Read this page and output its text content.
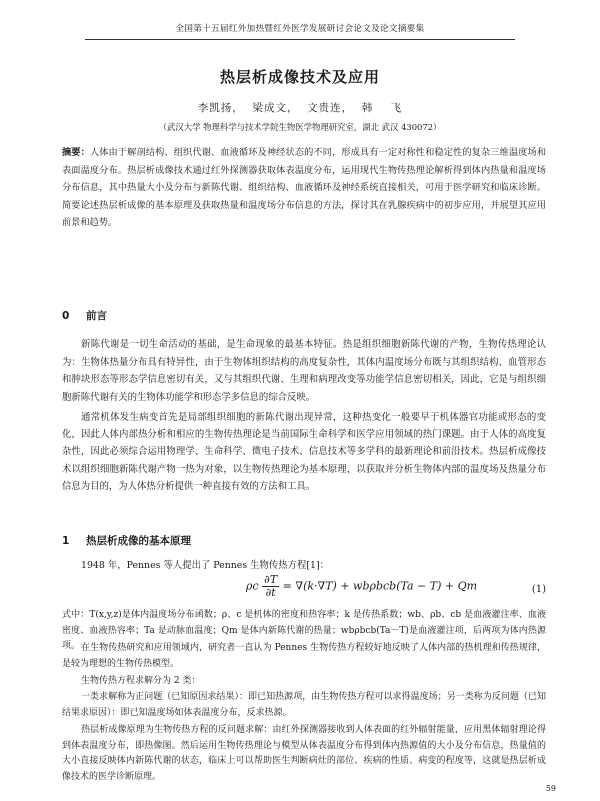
全国第十五届红外加热暨红外医学发展研讨会论文及论文摘要集
热层析成像技术及应用
李凯扬，  梁成文，  文贵连，  韩    飞
（武汉大学 物理科学与技术学院生物医学物理研究室，湖北 武汉 430072）
摘要：人体由于解剖结构、组织代谢、血液循环及神经状态的不同，形成具有一定对称性和稳定性的复杂三维温度场和表面温度分布。热层析成像技术通过红外探测器获取体表温度分布，运用现代生物传热理论解析得到体内热量和温度场分布信息，其中热量大小及分布与新陈代谢、组织结构、血液循环及神经系统直接相关，可用于医学研究和临床诊断。简要论述热层析成像的基本原理及获取热量和温度场分布信息的方法，探讨其在乳腺疾病中的初步应用，并展望其应用前景和趋势。
0 前言
新陈代谢是一切生命活动的基础，是生命现象的最基本特征。热是组织细胞新陈代谢的产物，生物传热理论认为：生物体热量分布具有特异性，由于生物体组织结构的高度复杂性，其体内温度场分布既与其组织结构、血管形态和肿块形态等形态学信息密切有关，又与其组织代谢、生理和病理改变等功能学信息密切相关，因此，它是与组织细胞新陈代谢有关的生物体功能学和形态学多信息的综合反映。
通常机体发生病变首先是局部组织细胞的新陈代谢出现异常，这种热变化一般要早于机体器官功能或形态的变化，因此人体内部热分析和相应的生物传热理论是当前国际生命科学和医学应用领域的热门课题。由于人体的高度复杂性，因此必须综合运用物理学、生命科学、微电子技术、信息技术等多学科的最新理论和前沿技术。热层析成像技术以组织细胞新陈代谢产物一热为对象，以生物传热理论为基本原理，以获取并分析生物体内部的温度场及热量分布信息为目的，为人体热分析提供一种直接有效的方法和工具。
1 热层析成像的基本原理
1948 年，Pennes 等人提出了 Pennes 生物传热方程[1]：
ρc $\frac{\partial T}{\partial t} = \nabla(k\cdot\nabla T) + wb\rho bcb(Ta - T) + Qm$	(1)
式中：T(x,y,z)是体内温度场分布函数；ρ、c 是机体的密度和热容率；k 是传热系数；wb、ρb、cb 是血液灌注率、血液密度、血液热容率；Ta 是动脉血温度；Qm 是体内新陈代谢的热量；wbρbcb(Ta－T)是血液灌注项，后两项为体内热源项。 在生物传热研究和应用领域内，研究者一直认为 Pennes 生物传热方程较好地反映了人体内部的热机理和传热规律，是较为理想的生物传热模型。
生物传热方程求解分为 2 类：
一类求解称为正问题（已知原因求结果）：即已知热源项，由生物传热方程可以求得温度场；另一类称为反问题（已知结果求原因）：即已知温度场如体表温度分布，反求热源。
热层析成像原理为生物传热方程的反问题求解：由红外探测器接收到人体表面的红外辐射能量，应用黑体辐射理论得到体表温度分布，即热像图。然后运用生物传热理论与模型从体表温度分布得到体内热源值的大小及分布信息，热量值的大小直接反映体内新陈代谢的状态，临床上可以帮助医生判断病灶的部位、疾病的性质、病变的程度等，这就是热层析成像技术的医学诊断原理。
59
